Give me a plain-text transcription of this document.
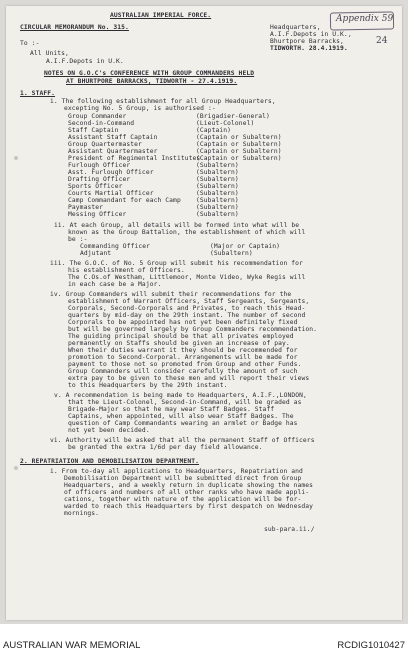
Appendix 59
24
AUSTRALIAN IMPERIAL FORCE.
CIRCULAR MEMORANDUM No. 315.	Headquarters,
A.I.F.Depots in U.K.,
Bhurtpore Barracks,
TIDWORTH. 28.4.1919.
To :-
All Units,
A.I.F.Depots in U.K.
NOTES ON G.O.C's CONFERENCE WITH GROUP COMMANDERS HELD
AT BHURTPORE BARRACKS, TIDWORTH - 27.4.1919.
1. STAFF.
i. The following establishment for all Group Headquarters,
excepting No. 5 Group, is authorised :-
Group Commander	(Brigadier-General)
Second-in-Command	(Lieut-Colonel)
Staff Captain	(Captain)
Assistant Staff Captain	(Captain or Subaltern)
Group Quartermaster	(Captain or Subaltern)
Assistant Quartermaster	(Captain or Subaltern)
President of Regimental Institutes
(Captain or Subaltern)
Furlough Officer	(Subaltern)
Asst. Furlough Officer	(Subaltern)
Drafting Officer	(Subaltern)
Sports Officer	(Subaltern)
Courts Martial Officer	(Subaltern)
Camp Commandant for each Camp (Subaltern)
Paymaster	(Subaltern)
Messing Officer	(Subaltern)
ii. At each Group, all details will be formed into what will be
known as the Group Battalion, the establishment of which will
be :-
Commanding Officer	(Major or Captain)
Adjutant	(Subaltern)
iii. The G.O.C. of No. 5 Group will submit his recommendation for
his establishment of Officers.
The C.Os.of Westham, Littlemoor, Monte Video, Wyke Regis will
in each case be a Major.
iv. Group Commanders will submit their recommendations for the
establishment of Warrant Officers, Staff Sergeants, Sergeants,
Corporals, Second-Corporals and Privates, to reach this Head-
quarters by mid-day on the 29th instant. The number of second
Corporals to be appointed has not yet been definitely fixed
but will be governed largely by Group Commanders recommendation.
The guiding principal should be that all privates employed
permanently on Staffs should be given an increase of pay.
When their duties warrant it they should be recommended for
promotion to Second-Corporal. Arrangements will be made for
payment to those not so promoted from Group and other Funds.
Group Commanders will consider carefully the amount of such
extra pay to be given to these men and will report their views
to this Headquarters by the 29th instant.
v. A recommendation is being made to Headquarters, A.I.F.,LONDON,
that the Lieut-Colonel, Second-in-Command, will be graded as
Brigade-Major so that he may wear Staff Badges. Staff
Captains, when appointed, will also wear Staff Badges. The
question of Camp Commandants wearing an armlet or Badge has
not yet been decided.
vi. Authority will be asked that all the permanent Staff of Officers
be granted the extra 1/6d per day field allowance.
2. REPATRIATION AND DEMOBILISATION DEPARTMENT.
i. From to-day all applications to Headquarters, Repatriation and
Demobilisation Department will be submitted direct from Group
Headquarters, and a weekly return in duplicate showing the names
of officers and numbers of all other ranks who have made appli-
cations, together with nature of the application will be for-
warded to reach this Headquarters by first despatch on Wednesday
mornings.
sub-para.ii./
AUSTRALIAN WAR MEMORIAL	RCDIG1010427
